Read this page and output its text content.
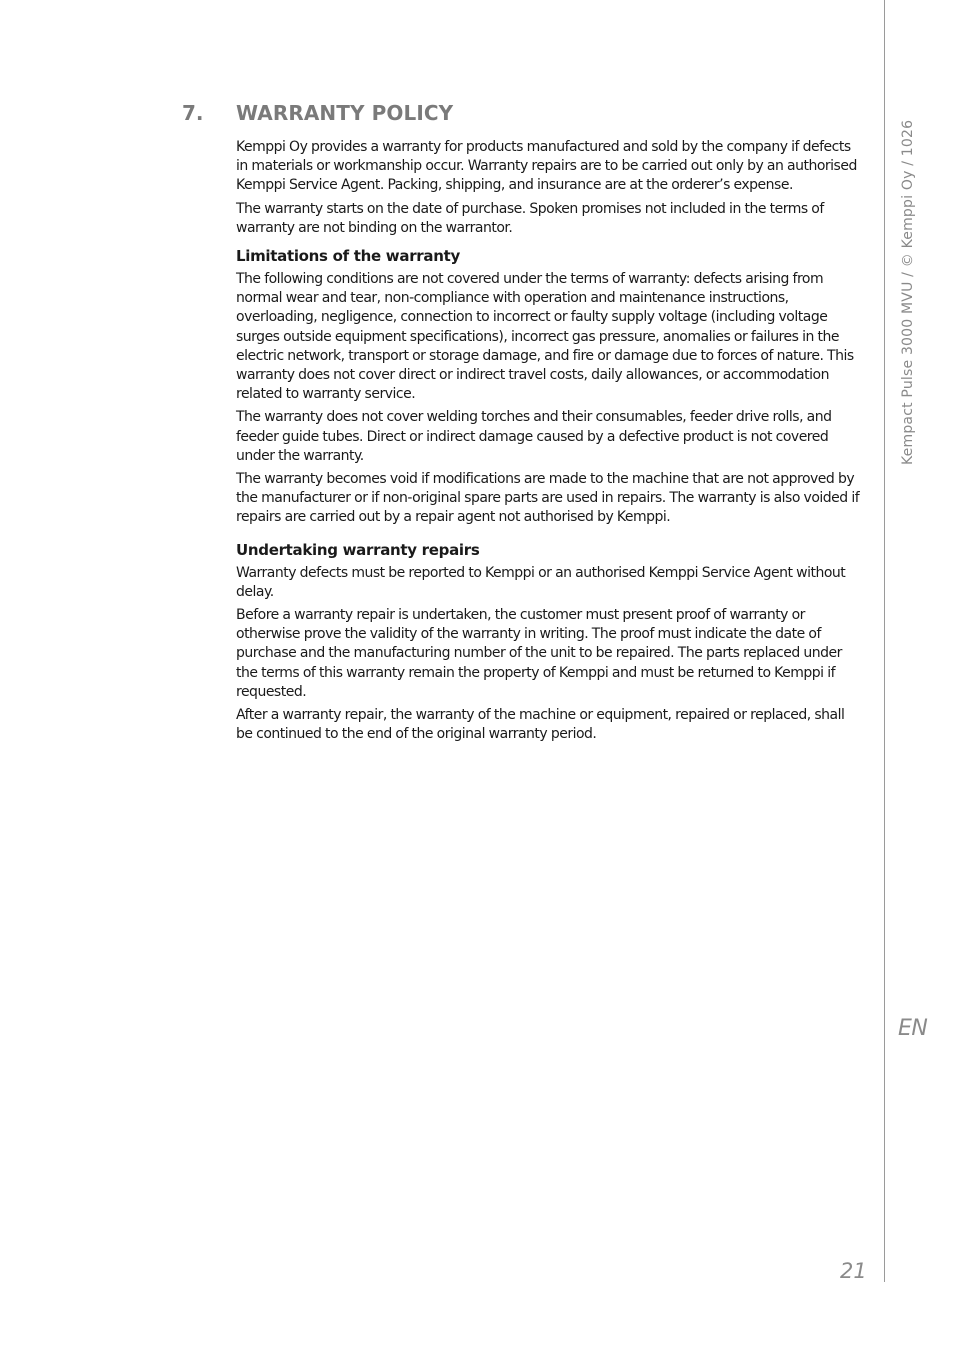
Kempact Pulse 3000 MVU / © Kemppi Oy / 1026
EN
21
7. WARRANTY POLICY

Kemppi Oy provides a warranty for products manufactured and sold by the company if defects in materials or workmanship occur. Warranty repairs are to be carried out only by an authorised Kemppi Service Agent. Packing, shipping, and insurance are at the orderer’s expense.

The warranty starts on the date of purchase. Spoken promises not included in the terms of warranty are not binding on the warrantor.

Limitations of the warranty

The following conditions are not covered under the terms of warranty: defects arising from normal wear and tear, non-compliance with operation and maintenance instructions, overloading, negligence, connection to incorrect or faulty supply voltage (including voltage surges outside equipment specifications), incorrect gas pressure, anomalies or failures in the electric network, transport or storage damage, and fire or damage due to forces of nature. This warranty does not cover direct or indirect travel costs, daily allowances, or accommodation related to warranty service.

The warranty does not cover welding torches and their consumables, feeder drive rolls, and feeder guide tubes. Direct or indirect damage caused by a defective product is not covered under the warranty.

The warranty becomes void if modifications are made to the machine that are not approved by the manufacturer or if non-original spare parts are used in repairs. The warranty is also voided if repairs are carried out by a repair agent not authorised by Kemppi.

Undertaking warranty repairs

Warranty defects must be reported to Kemppi or an authorised Kemppi Service Agent without delay.

Before a warranty repair is undertaken, the customer must present proof of warranty or otherwise prove the validity of the warranty in writing. The proof must indicate the date of purchase and the manufacturing number of the unit to be repaired. The parts replaced under the terms of this warranty remain the property of Kemppi and must be returned to Kemppi if requested.

After a warranty repair, the warranty of the machine or equipment, repaired or replaced, shall be continued to the end of the original warranty period.
